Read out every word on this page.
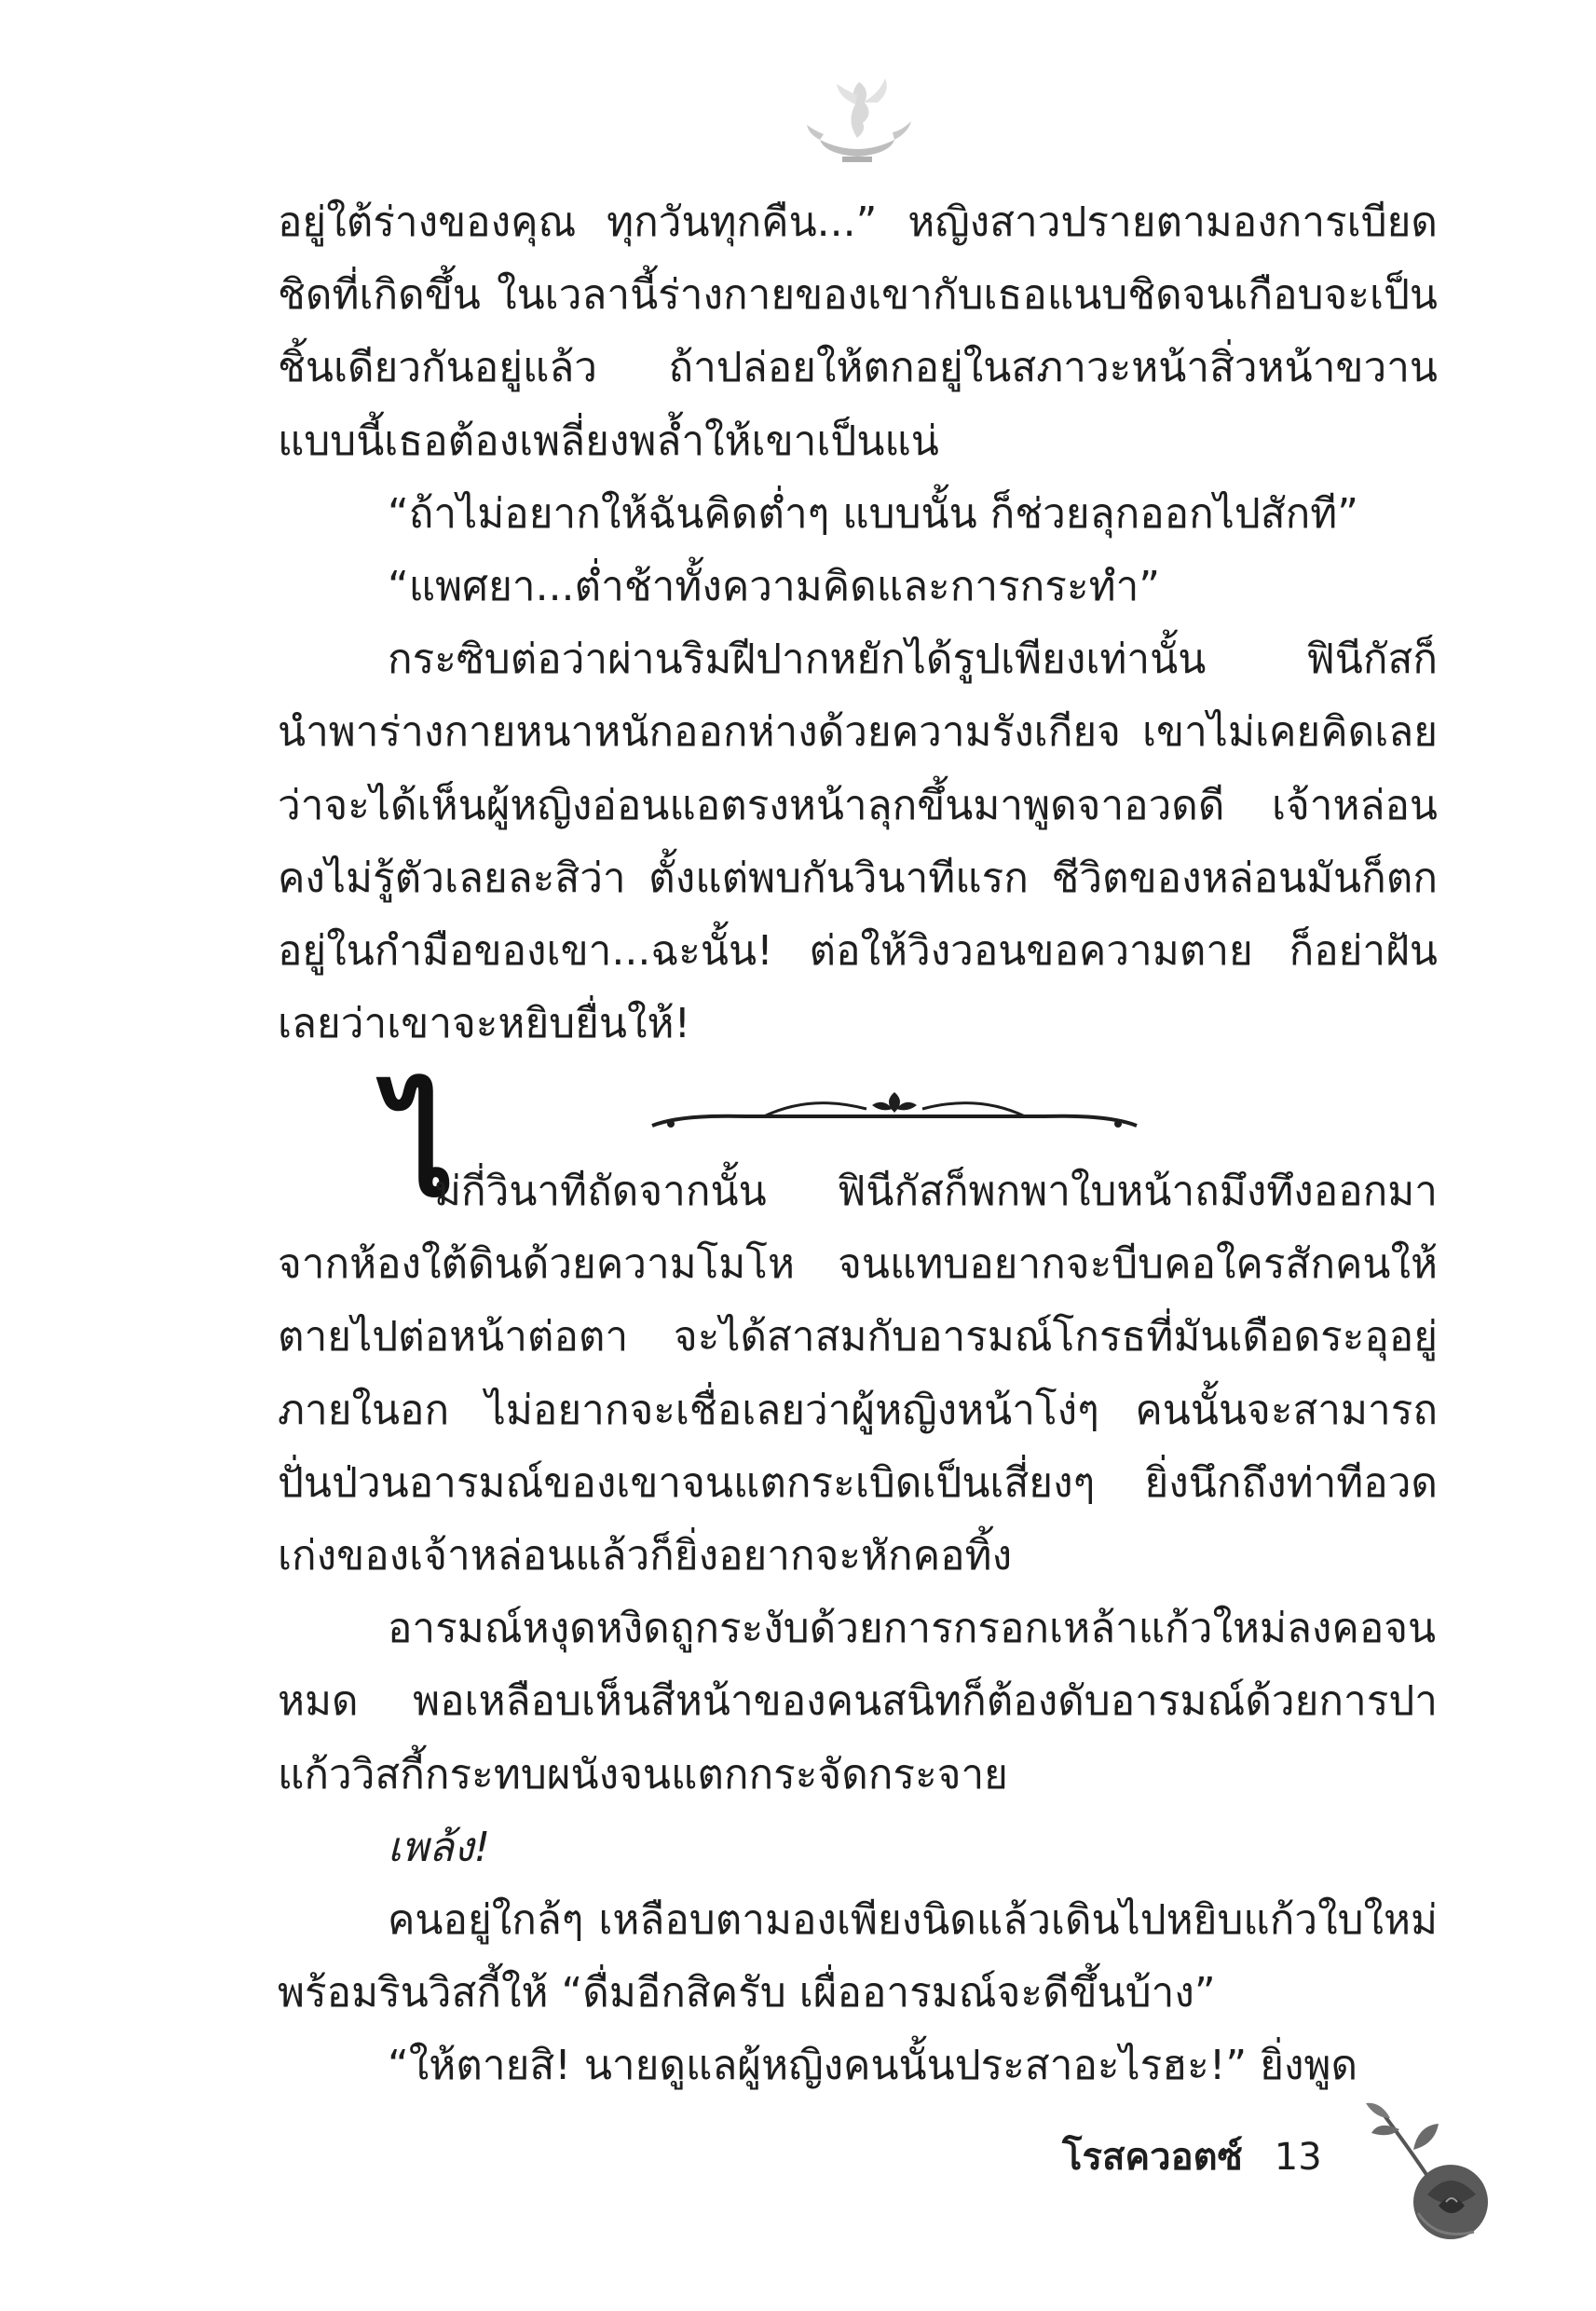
อยู่ใต้ร่างของคุณ ทุกวันทุกคืน...” หญิงสาวปรายตามองการเบียดชิดที่เกิดขึ้น ในเวลานี้ร่างกายของเขากับเธอแนบชิดจนเกือบจะเป็นชิ้นเดียวกันอยู่แล้ว ถ้าปล่อยให้ตกอยู่ในสภาวะหน้าสิ่วหน้าขวานแบบนี้เธอต้องเพลี่ยงพล้ำให้เขาเป็นแน่

“ถ้าไม่อยากให้ฉันคิดต่ำๆ แบบนั้น ก็ช่วยลุกออกไปสักที”

“แพศยา...ต่ำช้าทั้งความคิดและการกระทำ”

กระซิบต่อว่าผ่านริมฝีปากหยักได้รูปเพียงเท่านั้น ฟินีกัสก็นำพาร่างกายหนาหนักออกห่างด้วยความรังเกียจ เขาไม่เคยคิดเลยว่าจะได้เห็นผู้หญิงอ่อนแอตรงหน้าลุกขึ้นมาพูดจาอวดดี เจ้าหล่อนคงไม่รู้ตัวเลยละสิว่า ตั้งแต่พบกันวินาทีแรก ชีวิตของหล่อนมันก็ตกอยู่ในกำมือของเขา...ฉะนั้น! ต่อให้วิงวอนขอความตาย ก็อย่าฝันเลยว่าเขาจะหยิบยื่นให้!

ไ

ม่กี่วินาทีถัดจากนั้น ฟินีกัสก็พกพาใบหน้าถมึงทึงออกมาจากห้องใต้ดินด้วยความโมโห จนแทบอยากจะบีบคอใครสักคนให้ตายไปต่อหน้าต่อตา จะได้สาสมกับอารมณ์โกรธที่มันเดือดระอุอยู่ภายในอก ไม่อยากจะเชื่อเลยว่าผู้หญิงหน้าโง่ๆ คนนั้นจะสามารถปั่นป่วนอารมณ์ของเขาจนแตกระเบิดเป็นเสี่ยงๆ ยิ่งนึกถึงท่าทีอวดเก่งของเจ้าหล่อนแล้วก็ยิ่งอยากจะหักคอทิ้ง

อารมณ์หงุดหงิดถูกระงับด้วยการกรอกเหล้าแก้วใหม่ลงคอจนหมด พอเหลือบเห็นสีหน้าของคนสนิทก็ต้องดับอารมณ์ด้วยการปาแก้ววิสกี้กระทบผนังจนแตกกระจัดกระจาย

เพล้ง!

คนอยู่ใกล้ๆ เหลือบตามองเพียงนิดแล้วเดินไปหยิบแก้วใบใหม่พร้อมรินวิสกี้ให้ “ดื่มอีกสิครับ เผื่ออารมณ์จะดีขึ้นบ้าง”

“ให้ตายสิ! นายดูแลผู้หญิงคนนั้นประสาอะไรฮะ!” ยิ่งพูด

โรสควอตซ์ 13
